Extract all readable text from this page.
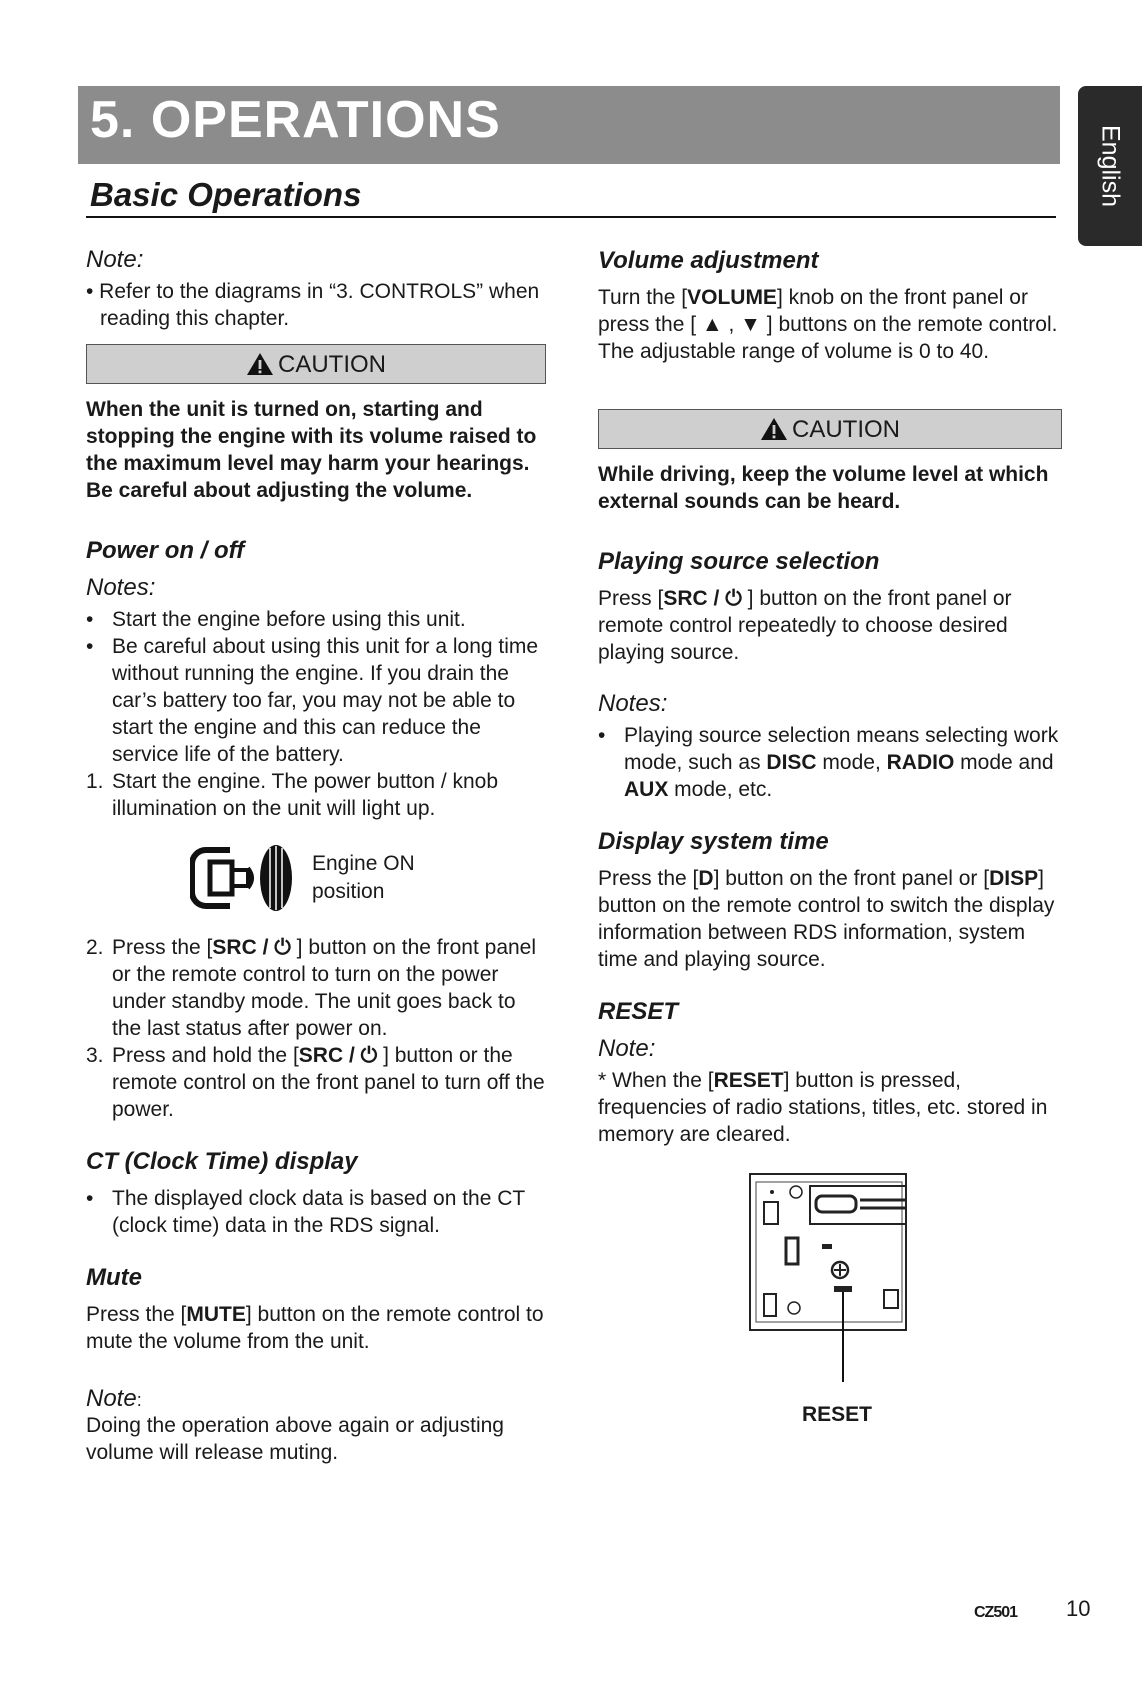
5. OPERATIONS
English
Basic Operations
Note:

• Refer to the diagrams in “3. CONTROLS” when reading this chapter.

CAUTION

When the unit is turned on, starting and stopping the engine with its volume raised to the maximum level may harm your hearings.

Be careful about adjusting the volume.

Power on / off
Notes:
• Start the engine before using this unit.
• Be careful about using this unit for a long time without running the engine. If you drain the car’s battery too far, you may not be able to start the engine and this can reduce the service life of the battery.
1. Start the engine. The power button / knob illumination on the unit will light up.
Engine ON
position
2. Press the [SRC / ⏻ ] button on the front panel or the remote control to turn on the power under standby mode. The unit goes back to the last status after power on.
3. Press and hold the [SRC / ⏻ ] button or the remote control on the front panel to turn off the power.
CT (Clock Time) display
• The displayed clock data is based on the CT (clock time) data in the RDS signal.
Mute

Press the [MUTE] button on the remote control to mute the volume from the unit.

Note:

Doing the operation above again or adjusting volume will release muting.

Volume adjustment

Turn the [VOLUME] knob on the front panel or press the [ ▲ , ▼ ] buttons on the remote control.

The adjustable range of volume is 0 to 40.

CAUTION

While driving, keep the volume level at which external sounds can be heard.

Playing source selection

Press [SRC / ⏻ ] button on the front panel or remote control repeatedly to choose desired playing source.

Notes:
• Playing source selection means selecting work mode, such as DISC mode, RADIO mode and AUX mode, etc.
Display system time

Press the [D] button on the front panel or [DISP] button on the remote control to switch the display information between RDS information, system time and playing source.

RESET
Note:

* When the [RESET] button is pressed, frequencies of radio stations, titles, etc. stored in memory are cleared.

RESET
CZ501 10
